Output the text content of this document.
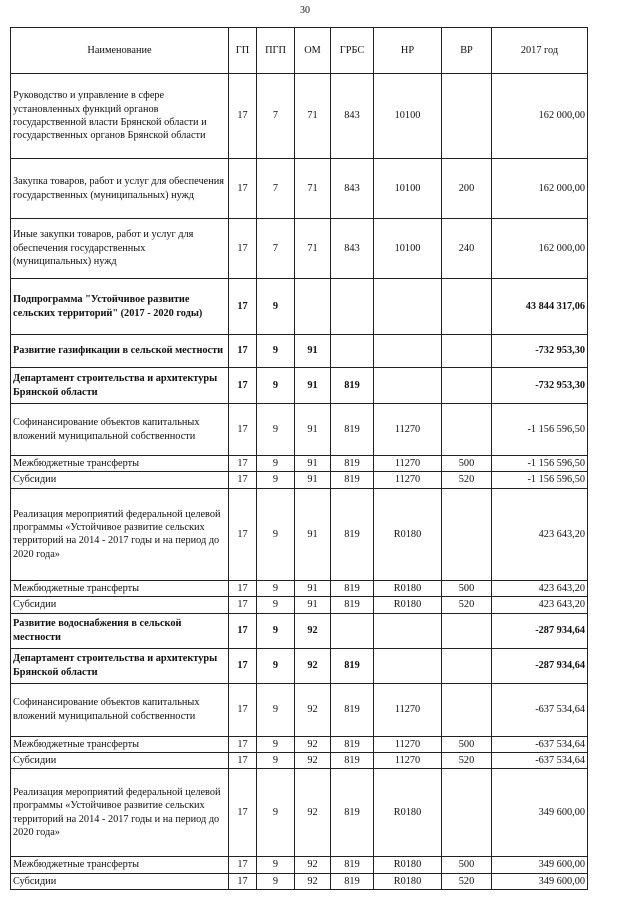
30
Наименование	ГП	ПГП	ОМ	ГРБС	НР	ВР	2017 год
Руководство и управление в сфере установленных функций органов государственной власти Брянской области и государственных органов Брянской области	17	7	71	843	10100		162 000,00
Закупка товаров, работ и услуг для обеспечения государственных (муниципальных) нужд	17	7	71	843	10100	200	162 000,00
Иные закупки товаров, работ и услуг для обеспечения государственных (муниципальных) нужд	17	7	71	843	10100	240	162 000,00
Подпрограмма "Устойчивое развитие сельских территорий" (2017 - 2020 годы)	17	9					43 844 317,06
Развитие газификации в сельской местности	17	9	91				-732 953,30
Департамент строительства и архитектуры Брянской области	17	9	91	819			-732 953,30
Софинансирование объектов капитальных вложений муниципальной собственности	17	9	91	819	11270		-1 156 596,50
Межбюджетные трансферты	17	9	91	819	11270	500	-1 156 596,50
Субсидии	17	9	91	819	11270	520	-1 156 596,50
Реализация мероприятий федеральной целевой программы «Устойчивое развитие сельских территорий на 2014 - 2017 годы и на период до 2020 года»	17	9	91	819	R0180		423 643,20
Межбюджетные трансферты	17	9	91	819	R0180	500	423 643,20
Субсидии	17	9	91	819	R0180	520	423 643,20
Развитие водоснабжения в сельской местности	17	9	92				-287 934,64
Департамент строительства и архитектуры Брянской области	17	9	92	819			-287 934,64
Софинансирование объектов капитальных вложений муниципальной собственности	17	9	92	819	11270		-637 534,64
Межбюджетные трансферты	17	9	92	819	11270	500	-637 534,64
Субсидии	17	9	92	819	11270	520	-637 534,64
Реализация мероприятий федеральной целевой программы «Устойчивое развитие сельских территорий на 2014 - 2017 годы и на период до 2020 года»	17	9	92	819	R0180		349 600,00
Межбюджетные трансферты	17	9	92	819	R0180	500	349 600,00
Субсидии	17	9	92	819	R0180	520	349 600,00
